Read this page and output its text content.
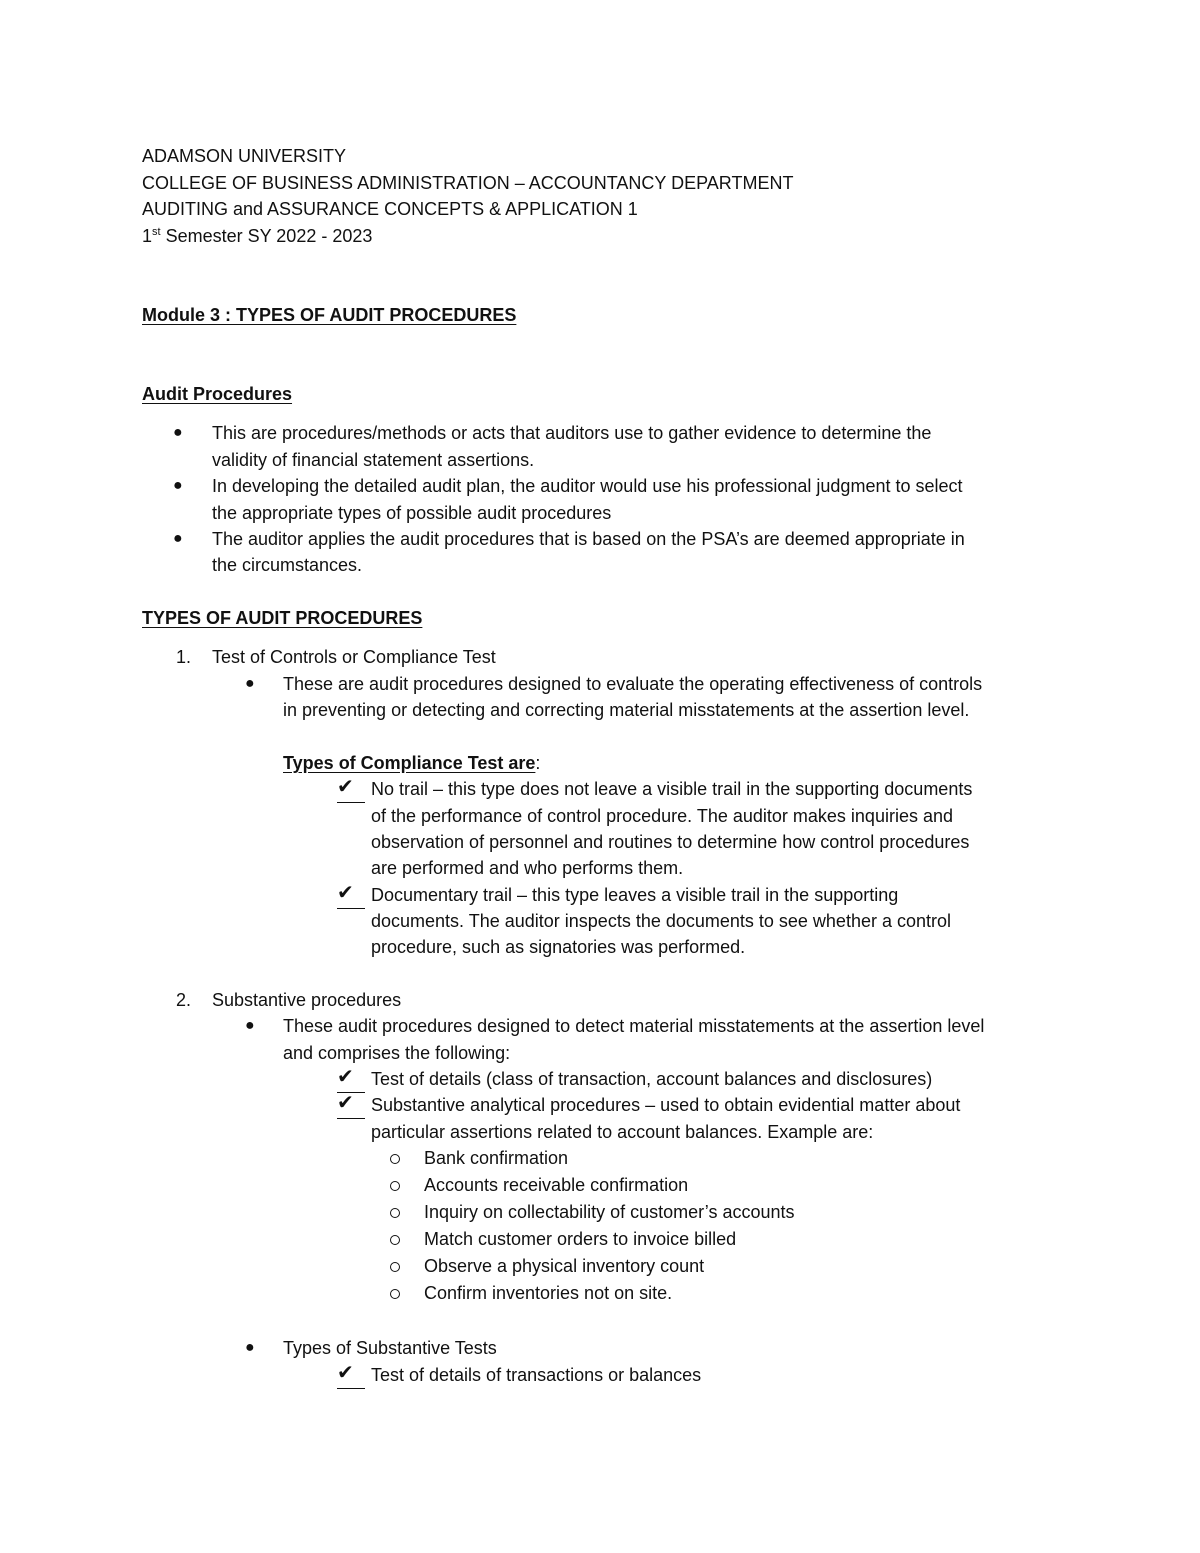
ADAMSON UNIVERSITY
COLLEGE OF BUSINESS ADMINISTRATION – ACCOUNTANCY DEPARTMENT
AUDITING and ASSURANCE CONCEPTS & APPLICATION 1
1st Semester SY 2022 - 2023
Module 3 : TYPES OF AUDIT PROCEDURES
Audit Procedures
● This are procedures/methods or acts that auditors use to gather evidence to determine the
validity of financial statement assertions.
● In developing the detailed audit plan, the auditor would use his professional judgment to select
the appropriate types of possible audit procedures
● The auditor applies the audit procedures that is based on the PSA’s are deemed appropriate in
the circumstances.
TYPES OF AUDIT PROCEDURES
1. Test of Controls or Compliance Test
● These are audit procedures designed to evaluate the operating effectiveness of controls
in preventing or detecting and correcting material misstatements at the assertion level.
Types of Compliance Test are:
✔ No trail – this type does not leave a visible trail in the supporting documents
of the performance of control procedure. The auditor makes inquiries and
observation of personnel and routines to determine how control procedures
are performed and who performs them.
✔ Documentary trail – this type leaves a visible trail in the supporting
documents. The auditor inspects the documents to see whether a control
procedure, such as signatories was performed.
2. Substantive procedures
● These audit procedures designed to detect material misstatements at the assertion level
and comprises the following:
✔ Test of details (class of transaction, account balances and disclosures)
✔ Substantive analytical procedures – used to obtain evidential matter about
particular assertions related to account balances. Example are:
Bank confirmation
Accounts receivable confirmation
Inquiry on collectability of customer’s accounts
Match customer orders to invoice billed
Observe a physical inventory count
Confirm inventories not on site.
● Types of Substantive Tests
✔ Test of details of transactions or balances
